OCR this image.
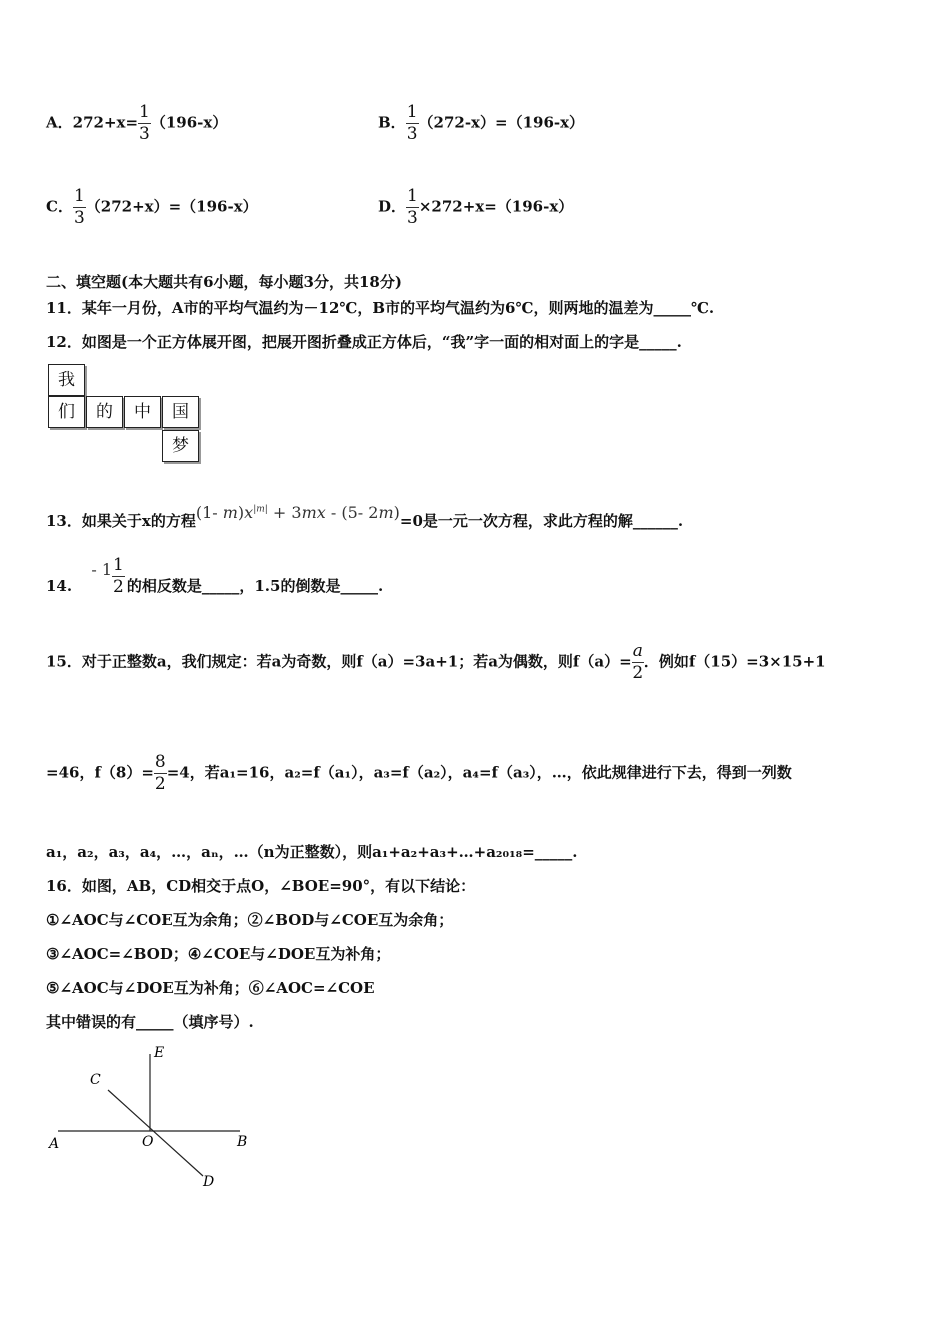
A．$272+x= \frac{1}{3} (196-x)$	B． $\frac{1}{3} (272-x)=(196-x)$
C． $\frac{1}{3} (272+x)=(196-x)$	D． $\frac{1}{3} \times 272+x=(196-x)$
二、填空题(本大题共有6小题，每小题3分，共18分)
11．某年一月份，A市的平均气温约为－12℃，B市的平均气温约为6℃，则两地的温差为_____℃.
12．如图是一个正方体展开图，把展开图折叠成正方体后，“我”字一面的相对面上的字是_____.
我
们	的	中	国
梦
13．如果关于x的方程(1- $m)x^{|m|} + 3mx - (5-$ 2m)=0是一元一次方程，求此方程的解______.
14. - $1 \frac{1}{2}$ 的相反数是_____，1.5的倒数是_____.
15．对于正整数a，我们规定：若a为奇数，则f（a）=3a+1；若a为偶数，则$f(a)= \frac{a}{2}$ ．例如f（15）=3×15+1
=46，$f(8)= \frac{8}{2} =4$，若a₁=16，a₂=f（a₁），a₃=f（a₂），a₄=f（a₃），…，依此规律进行下去，得到一列数
a₁，a₂，a₃，a₄，…，aₙ，…（n为正整数），则a₁+a₂+a₃+…+a₂₀₁₈=_____.
16．如图，AB，CD相交于点O，∠BOE=90°，有以下结论：
①∠AOC与∠COE互为余角；②∠BOD与∠COE互为余角；
③∠AOC=∠BOD；④∠COE与∠DOE互为补角；
⑤∠AOC与∠DOE互为补角；⑥∠AOC=∠COE
其中错误的有_____（填序号）.
E
C
A	O	B
D
